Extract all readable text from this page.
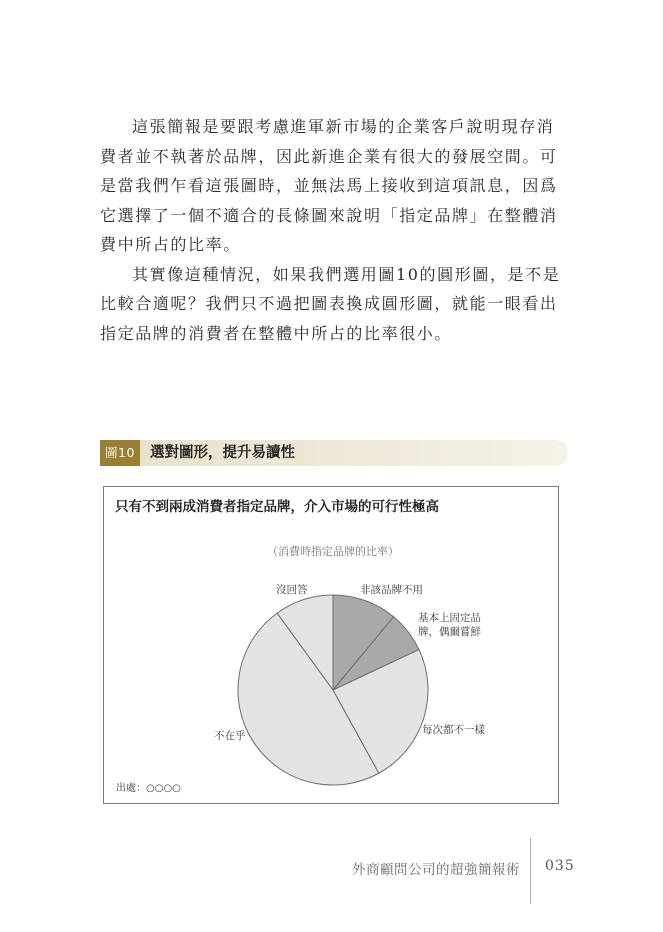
這張簡報是要跟考慮進軍新市場的企業客戶說明現存消費者並不執著於品牌，因此新進企業有很大的發展空間。可是當我們乍看這張圖時，並無法馬上接收到這項訊息，因爲它選擇了一個不適合的長條圖來說明「指定品牌」在整體消費中所占的比率。

其實像這種情況，如果我們選用圖10的圓形圖，是不是比較合適呢？我們只不過把圖表換成圓形圖，就能一眼看出指定品牌的消費者在整體中所占的比率很小。

圖10	選對圖形，提升易讀性
只有不到兩成消費者指定品牌，介入市場的可行性極高
（消費時指定品牌的比率）
非該品牌不用
基本上固定品牌，偶爾嘗鮮
每次都不一樣
不在乎
沒回答
出處：○○○○
外商顧問公司的超強簡報術 035
